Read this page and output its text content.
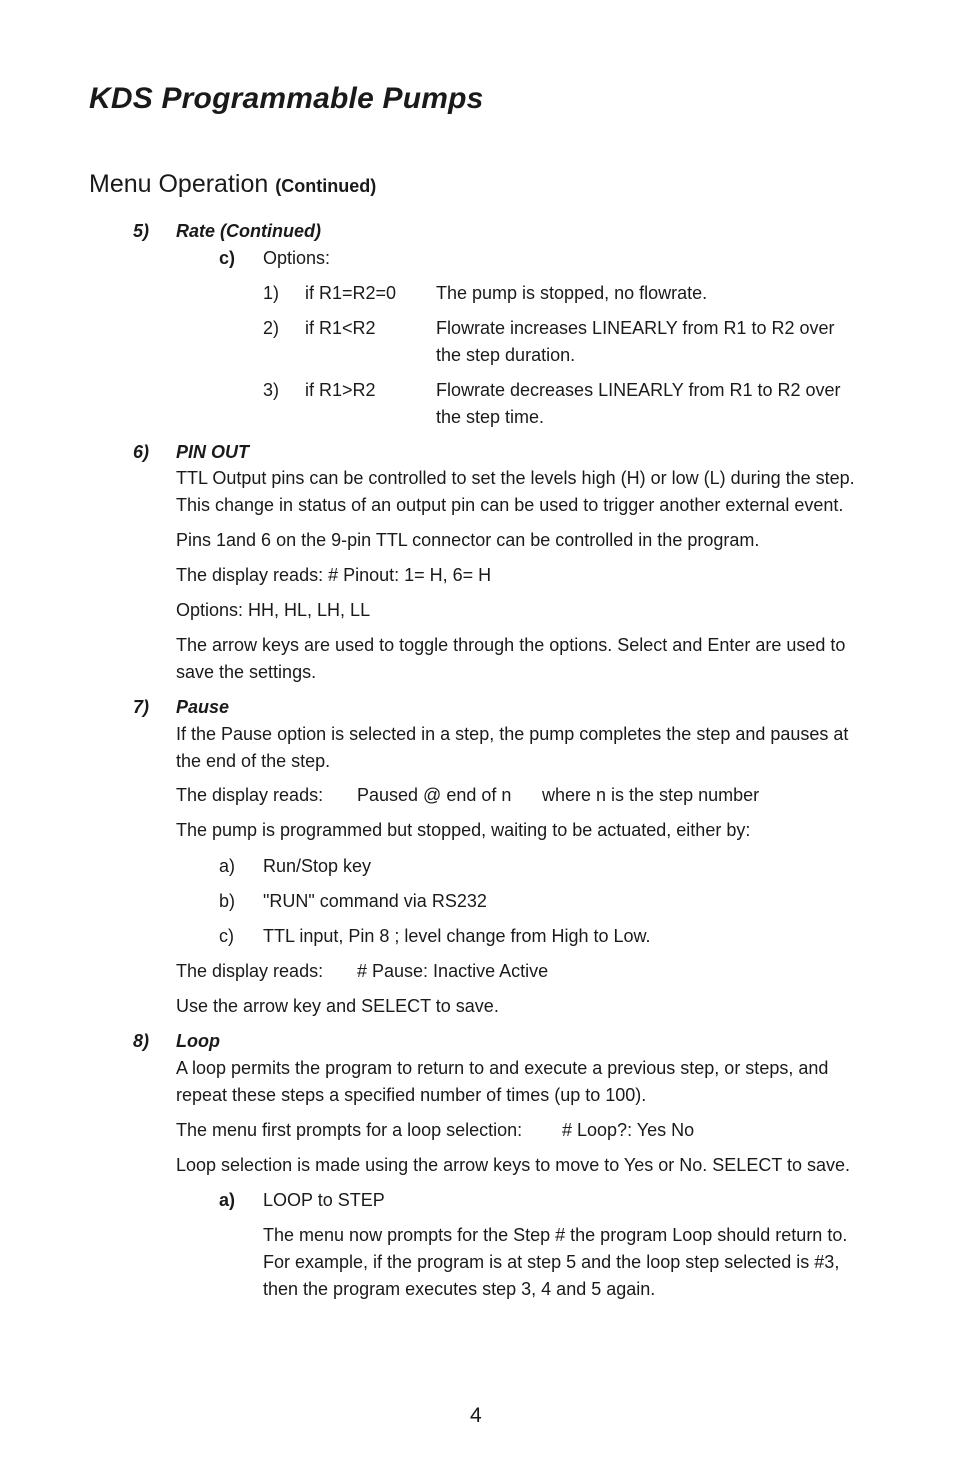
KDS Programmable Pumps
Menu Operation (Continued)
5) Rate (Continued)
c) Options:
1) if R1=R2=0 The pump is stopped, no flowrate.
2) if R1<R2	Flowrate increases LINEARLY from R1 to R2 over
the step duration.
3) if R1>R2	Flowrate decreases LINEARLY from R1 to R2 over
the step time.
6) PIN OUT
TTL Output pins can be controlled to set the levels high (H) or low (L) during the step. This change in status of an output pin can be used to trigger another external event.
Pins 1and 6 on the 9-pin TTL connector can be controlled in the program.
The display reads: # Pinout: 1= H, 6= H
Options: HH, HL, LH, LL
The arrow keys are used to toggle through the options. Select and Enter are used to save the settings.
7) Pause
If the Pause option is selected in a step, the pump completes the step and pauses at the end of the step.
The display reads: Paused @ end of n where n is the step number
The pump is programmed but stopped, waiting to be actuated, either by:
a) Run/Stop key
b) "RUN" command via RS232
c) TTL input, Pin 8 ; level change from High to Low.
The display reads: # Pause: Inactive Active
Use the arrow key and SELECT to save.
8) Loop
A loop permits the program to return to and execute a previous step, or steps, and repeat these steps a specified number of times (up to 100).
The menu first prompts for a loop selection: # Loop?: Yes No
Loop selection is made using the arrow keys to move to Yes or No. SELECT to save.
a) LOOP to STEP
The menu now prompts for the Step # the program Loop should return to. For example, if the program is at step 5 and the loop step selected is #3, then the program executes step 3, 4 and 5 again.
4
